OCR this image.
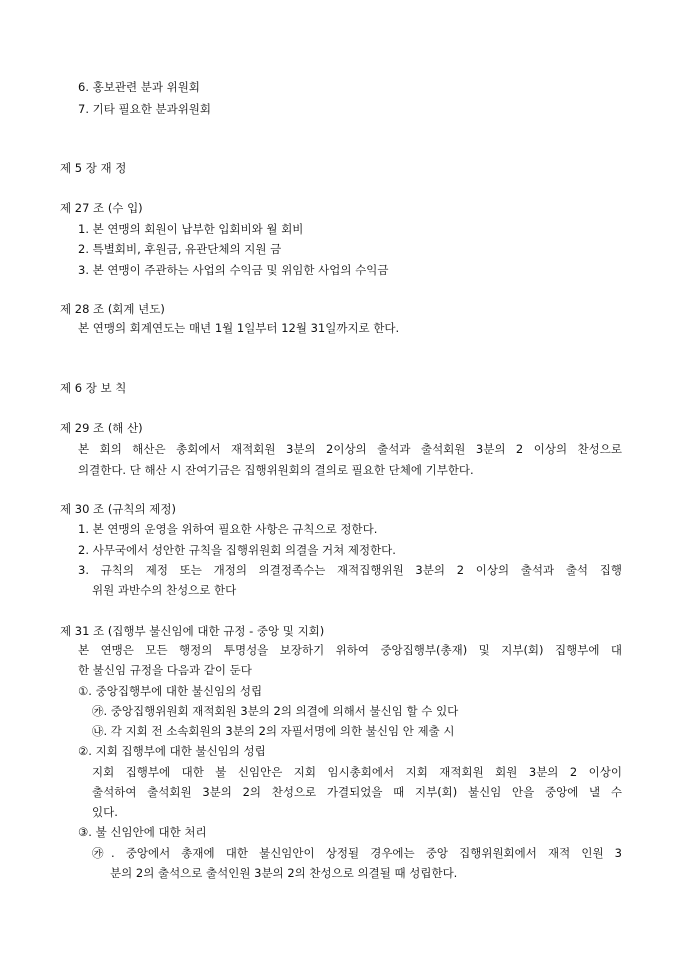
6. 홍보관련 분과 위원회
7. 기타 필요한 분과위원회
제 5 장 재 정
제 27 조 (수 입)
1. 본 연맹의 회원이 납부한 입회비와 월 회비
2. 특별회비, 후원금, 유관단체의 지원 금
3. 본 연맹이 주관하는 사업의 수익금 및 위임한 사업의 수익금
제 28 조 (회계 년도)
본 연맹의 회계연도는 매년 1월 1일부터 12월 31일까지로 한다.
제 6 장 보 칙
제 29 조 (해 산)
본 회의 해산은 총회에서 재적회원 3분의 2이상의 출석과 출석회원 3분의 2 이상의 찬성으로
의결한다. 단 해산 시 잔여기금은 집행위원회의 결의로 필요한 단체에 기부한다.
제 30 조 (규칙의 제정)
1. 본 연맹의 운영을 위하여 필요한 사항은 규칙으로 정한다.
2. 사무국에서 성안한 규칙을 집행위원회 의결을 거쳐 제정한다.
3. 규칙의 제정 또는 개정의 의결정족수는 재적집행위원 3분의 2 이상의 출석과 출석 집행
위원 과반수의 찬성으로 한다
제 31 조 (집행부 불신임에 대한 규정 - 중앙 및 지회)
본 연맹은 모든 행정의 투명성을 보장하기 위하여 중앙집행부(총재) 및 지부(회) 집행부에 대
한 불신임 규정을 다음과 같이 둔다
①. 중앙집행부에 대한 불신임의 성립
㉮. 중앙집행위원회 재적회원 3분의 2의 의결에 의해서 불신임 할 수 있다
㉯. 각 지회 전 소속회원의 3분의 2의 자필서명에 의한 불신임 안 제출 시
②. 지회 집행부에 대한 불신임의 성립
지회 집행부에 대한 불 신임안은 지회 임시총회에서 지회 재적회원 회원 3분의 2 이상이
출석하여 출석회원 3분의 2의 찬성으로 가결되었을 때 지부(회) 불신임 안을 중앙에 낼 수
있다.
③. 불 신임안에 대한 처리
㉮. 중앙에서 총재에 대한 불신임안이 상정될 경우에는 중앙 집행위원회에서 재적 인원 3
분의 2의 출석으로 출석인원 3분의 2의 찬성으로 의결될 때 성립한다.
